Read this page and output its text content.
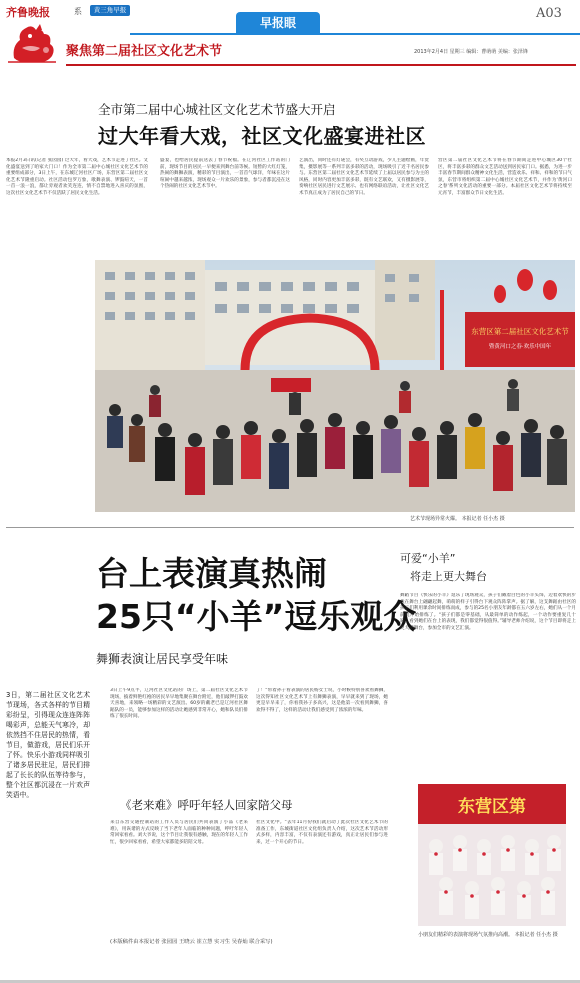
齐鲁晚报	系	黄三角早报
早报眼
A03
聚焦第二届社区文化艺术节	2013年2月4日 星期三 编辑：曹萌萌 美编：张泽锋
全市第二届中心城社区文化艺术节盛大开启
过大年看大戏，社区文化盛宴进社区
本报2月3日讯(记者 张园园) 过大年，看大戏，艺术节走进了社区。文化盛宴送到了咱家大门口！作为全市第二届中心城社区文化艺术节的重要组成部分，3日上午，在东城辽河社区广场，东营区第二届社区文化艺术节隆重启动。社区活动包罗万象，歌舞表演、锣鼓喧天，一首一首一浪一浪，都让旁观者欢笑连连，情不自禁地进入喜庆的氛围，这次社区文化艺术节不仅活跃了居民文化生活。
盛宴，也给居民提前送去了春节祝福。在辽河社区工作站的门前，现场节目的居民一早便来到舞台前等候。短暂的大红灯笼，热闹的舞狮表演，精彩的节目演出，一首首气球洋，年味在这片喧闹中越来越浓，现场观众一片欢乐的景象，参与者都沉浸在这个热闹的社区文化艺术节中。
艺演出，同时还有灯谜会，有奖互动游戏，少儿主题绘画，年货集，摄影展等一系列丰富多彩的活动，现场吸引了近千名居民参与。东营区第二届社区文化艺术节延续了上届以居民参与为主的风格，同时内容更加丰富多彩，既有文艺联欢，又有摄影展等，奏响社区居民进行文艺展示、也有网络联谊活动，让社区文化艺术节真正成为了居民自己的节日。
营区第二届社区文化艺术节将在春节期间走进中心城区30个社区，将丰富多彩的群众文艺活动送到居民家门口。据悉，为进一步丰富春节期间群众精神文化生活，营造欢乐、祥和、祥和的节日气氛，东营市将组织第二届中心城社区文化艺术节，并作为'黄河口之春'系列文化活动的重要一部分。本届社区文化艺术节将持续至元宵节，丰富群众节日文化生活。
东营区第二届社区文化艺术节
暨黄河口之春·欢乐中国年
艺术节现场异常火爆。 本报记者 任小杰 摄
台上表演真热闹
25只“小羊”逗乐观众
舞狮表演让居民享受年味
可爱“小羊”
将走上更大舞台
舞蹈节目《快乐的小羊》逗乐了现场观众，孩子们戴着白色的小羊头饰，迈着欢快的步伐在舞台上翩翩起舞，萌萌的样子引得台下观众阵阵掌声。据了解，这支舞蹈由社区的孩子们利用课余时间排练而成，参与的25名小朋友年龄都在五六岁左右，她们从一个月前就开始排练了。“孩子们都是零基础，从最简单的动作练起，一个动作要重复几十遍，看到她们在台上的表现，我们都觉得很值得。”辅导老师介绍说，这个节目即将走上更大的舞台，参加全市的文艺汇演。
3日，第二届社区文化艺术节现场，各式各样的节目精彩纷呈，引得现众连连阵阵喝彩声，总能天气寒冷，却依然挡不住居民的热情，看节目，做游戏，居民们乐开了怀。快乐小游戏同样吸引了诸多居民驻足，居民们排起了长长的队伍等待参与，整个社区都沉浸在一片欢声笑语中。
3日上午9点半，辽河社区文化站的广场上，第二届社区文化艺术节现场，披着鲜艳红袍的居民早早地集聚在舞台附近，他们敲锣打鼓欢天喜地，来领略一场精彩的文艺演出。60岁的戴老已是辽河社区舞蹈队的一员，能够参加这样的活动让她感到非常开心，她和队员们排练了很长时间。
了！“带着孙子看表演的居民杨女士说，小时候特别喜欢看舞狮，这次得知社区文化艺术节上有舞狮表演，早早就来到了现场，她更是早早来了，你看我孙子多高兴，这是他第一次看到舞狮，喜欢得不得了，这样的活动让我们感受到了浓浓的年味。
《老来难》呼吁年轻人回家陪父母
来自东营交通控制站的工作人员与居民们共同表演了小品《老来难》，用诙谐的方式反映了当下老年人面临的种种问题，呼吁年轻人常回家看看。刘大爷说，这个节目让我很有感触，现在的年轻人工作忙，很少回家看看，希望大家都能多陪陪父母。
社区文化中。“去年11月份我们就启动了此次社区文化艺术节的准备工作，东城街道社区文化组负责人介绍，这次艺术节活动形式多样，内容丰富，不仅有表演还有游戏，真正让居民们参与进来，过一个开心的节日。
(本版稿件由本报记者 张园园 王晓云 崔立慧 实习生 吴春灿 联合采写)
东营区第
小朋友们精彩的表演将现场气氛推向高潮。 本报记者 任小杰 摄
